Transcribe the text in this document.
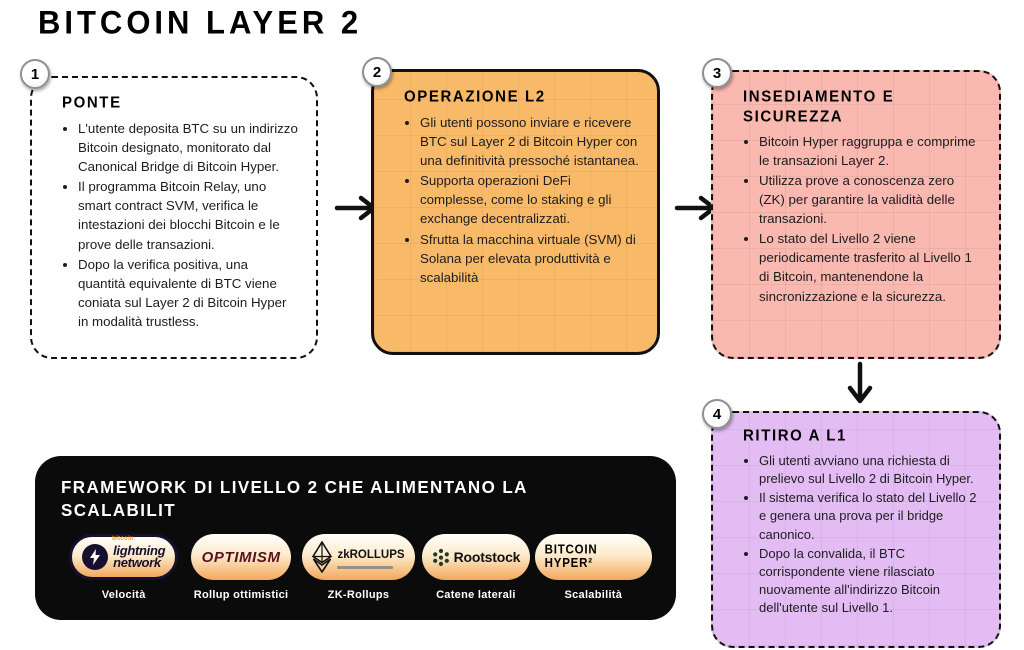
BITCOIN LAYER 2
1
PONTE
• L'utente deposita BTC su un indirizzo Bitcoin designato, monitorato dal Canonical Bridge di Bitcoin Hyper.
• Il programma Bitcoin Relay, uno smart contract SVM, verifica le intestazioni dei blocchi Bitcoin e le prove delle transazioni.
• Dopo la verifica positiva, una quantità equivalente di BTC viene coniata sul Layer 2 di Bitcoin Hyper in modalità trustless.
2
OPERAZIONE L2
• Gli utenti possono inviare e ricevere BTC sul Layer 2 di Bitcoin Hyper con una definitività pressoché istantanea.
• Supporta operazioni DeFi complesse, come lo staking e gli exchange decentralizzati.
• Sfrutta la macchina virtuale (SVM) di Solana per elevata produttività e scalabilità
3
INSEDIAMENTO E SICUREZZA
• Bitcoin Hyper raggruppa e comprime le transazioni Layer 2.
• Utilizza prove a conoscenza zero (ZK) per garantire la validità delle transazioni.
• Lo stato del Livello 2 viene periodicamente trasferito al Livello 1 di Bitcoin, mantenendone la sincronizzazione e la sicurezza.
4
RITIRO A L1
• Gli utenti avviano una richiesta di prelievo sul Livello 2 di Bitcoin Hyper.
• Il sistema verifica lo stato del Livello 2 e genera una prova per il bridge canonico.
• Dopo la convalida, il BTC corrispondente viene rilasciato nuovamente all'indirizzo Bitcoin dell'utente sul Livello 1.

FRAMEWORK DI LIVELLO 2 CHE ALIMENTANO LA SCALABILIT

bitcoin
lightning
network
Velocità
OPTIMISM
Rollup ottimistici
zkROLLUPS
ZK-Rollups
Rootstock
Catene laterali
BITCOIN HYPER²
Scalabilità
